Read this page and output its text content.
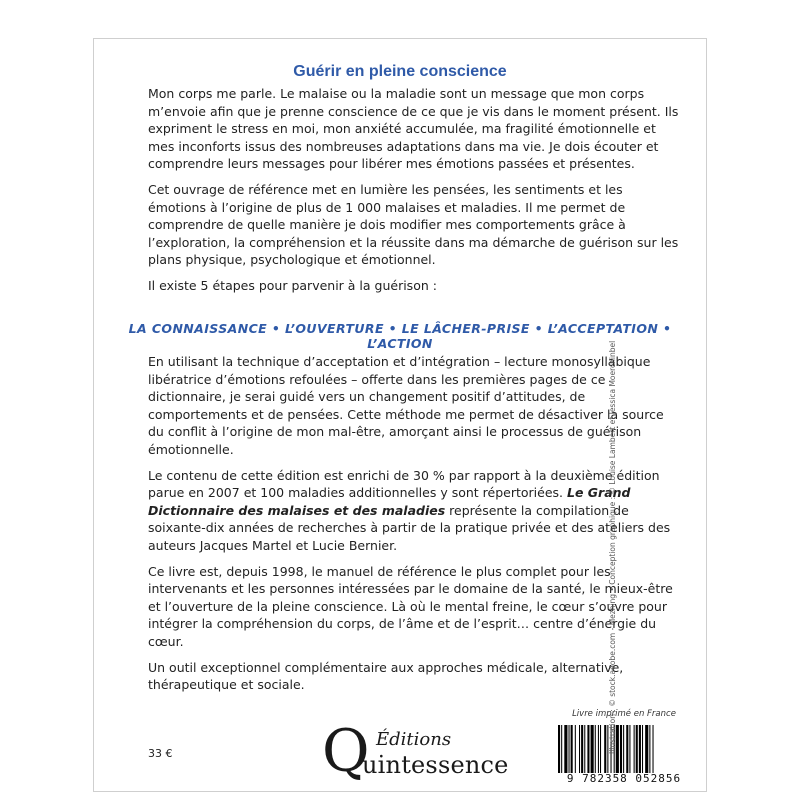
Guérir en pleine conscience

Mon corps me parle. Le malaise ou la maladie sont un message que mon corps m’envoie afin que je prenne conscience de ce que je vis dans le moment présent. Ils expriment le stress en moi, mon anxiété accumulée, ma fragilité émotionnelle et mes inconforts issus des nombreuses adaptations dans ma vie. Je dois écouter et comprendre leurs messages pour libérer mes émotions passées et présentes.

Cet ouvrage de référence met en lumière les pensées, les sentiments et les émotions à l’origine de plus de 1 000 malaises et maladies. Il me permet de comprendre de quelle manière je dois modifier mes comportements grâce à l’exploration, la compréhension et la réussite dans ma démarche de guérison sur les plans physique, psychologique et émotionnel.

Il existe 5 étapes pour parvenir à la guérison :

LA CONNAISSANCE • L’OUVERTURE • LE LÂCHER-PRISE • L’ACCEPTATION • L’ACTION

En utilisant la technique d’acceptation et d’intégration – lecture monosyllabique libératrice d’émotions refoulées – offerte dans les premières pages de ce dictionnaire, je serai guidé vers un changement positif d’attitudes, de comportements et de pensées. Cette méthode me permet de désactiver la source du conflit à l’origine de mon mal-être, amorçant ainsi le processus de guérison émotionnelle.

Le contenu de cette édition est enrichi de 30 % par rapport à la deuxième édition parue en 2007 et 100 maladies additionnelles y sont répertoriées. Le Grand Dictionnaire des malaises et des maladies représente la compilation de soixante-dix années de recherches à partir de la pratique privée et des ateliers des auteurs Jacques Martel et Lucie Bernier.

Ce livre est, depuis 1998, le manuel de référence le plus complet pour les intervenants et les personnes intéressées par le domaine de la santé, le mieux-être et l’ouverture de la pleine conscience. Là où le mental freine, le cœur s’ouvre pour intégrer la compréhension du corps, de l’âme et de l’esprit… centre d’énergie du cœur.

Un outil exceptionnel complémentaire aux approches médicale, alternative, thérapeutique et sociale.

33 €	Q Éditions
uintessence
Livre imprimé en France
9 782358 052856
Illustration : © stock.adobe.com - Mezhing • Conception graphique : © Louise Lambert et Jessica Moerchinbel
